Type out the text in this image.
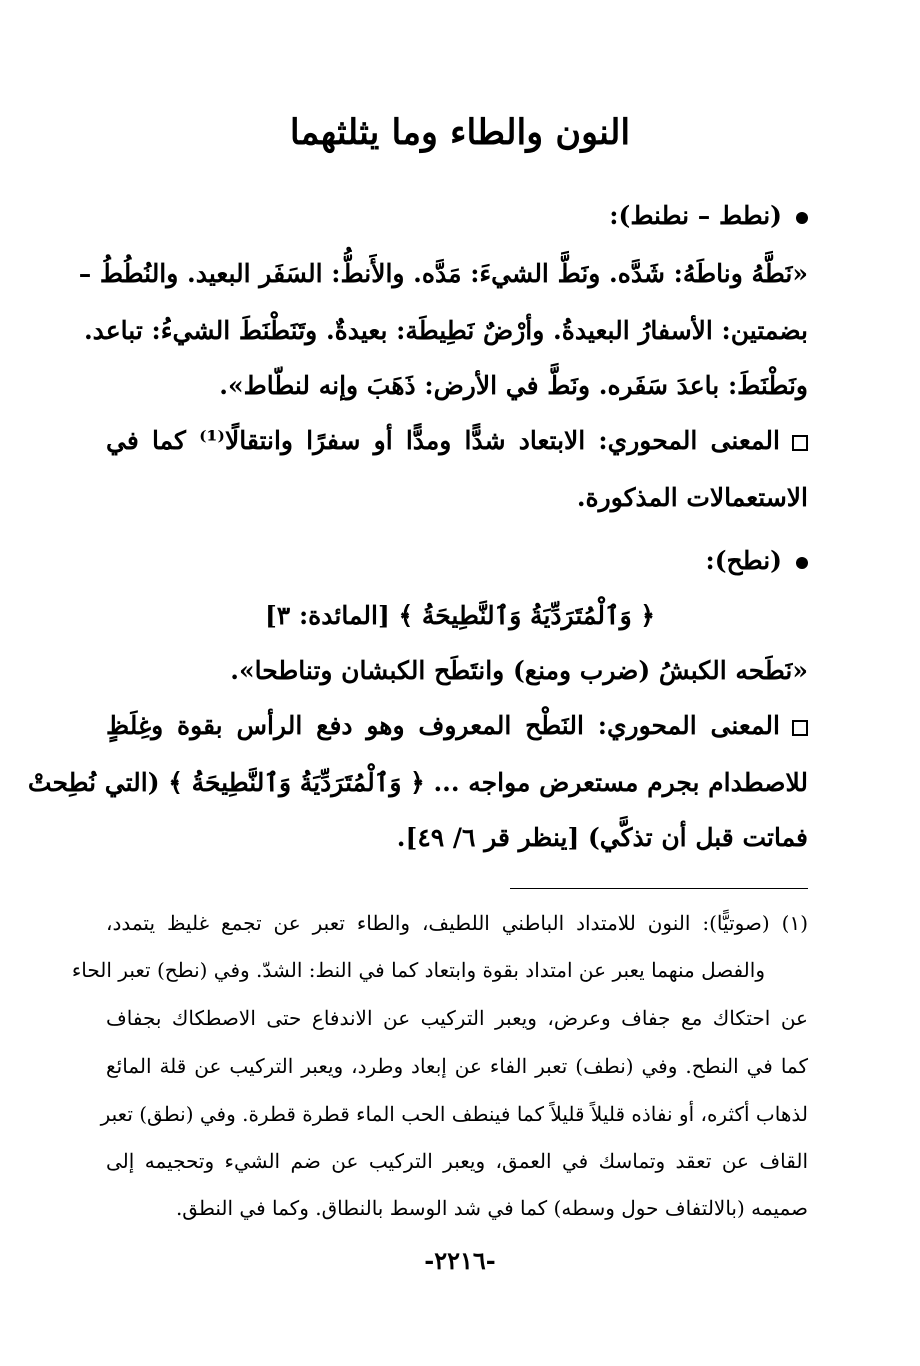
النون والطاء وما يثلثهما
(نطط – نطنط):
«نَطَّهُ وناطَهُ: شَدَّه. ونَطَّ الشيءَ: مَدَّه. والأَنطُّ: السَفَر البعيد. والنُطُطُ –
بضمتين: الأسفارُ البعيدةُ. وأرْضٌ نَطِيطَة: بعيدةٌ. وتَنَطْنَطَ الشيءُ: تباعد.
ونَطْنَطَ: باعدَ سَفَره. ونَطَّ في الأرض: ذَهَبَ وإنه لنطّاط».
المعنى المحوري: الابتعاد شدًّا ومدًّا أو سفرًا وانتقالًا⁽¹⁾ كما في
الاستعمالات المذكورة.
(نطح):
﴿ وَٱلْمُتَرَدِّيَةُ وَٱلنَّطِيحَةُ ﴾ [المائدة: ٣]
«نَطَحه الكبشُ (ضرب ومنع) وانتَطَح الكبشان وتناطحا».
المعنى المحوري: النَطْح المعروف وهو دفع الرأس بقوة وغِلَظٍ
للاصطدام بجرم مستعرض مواجه ... ﴿ وَٱلْمُتَرَدِّيَةُ وَٱلنَّطِيحَةُ ﴾ (التي نُطِحتْ
فماتت قبل أن تذكَّي) [ينظر قر ٦/ ٤٩].
(١) (صوتيًّا): النون للامتداد الباطني اللطيف، والطاء تعبر عن تجمع غليظ يتمدد،
والفصل منهما يعبر عن امتداد بقوة وابتعاد كما في النط: الشدّ. وفي (نطح) تعبر الحاء
عن احتكاك مع جفاف وعرض، ويعبر التركيب عن الاندفاع حتى الاصطكاك بجفاف
كما في النطح. وفي (نطف) تعبر الفاء عن إبعاد وطرد، ويعبر التركيب عن قلة المائع
لذهاب أكثره، أو نفاذه قليلاً قليلاً كما فينطف الحب الماء قطرة قطرة. وفي (نطق) تعبر
القاف عن تعقد وتماسك في العمق، ويعبر التركيب عن ضم الشيء وتحجيمه إلى
صميمه (بالالتفاف حول وسطه) كما في شد الوسط بالنطاق. وكما في النطق.
-٢٢١٦-
